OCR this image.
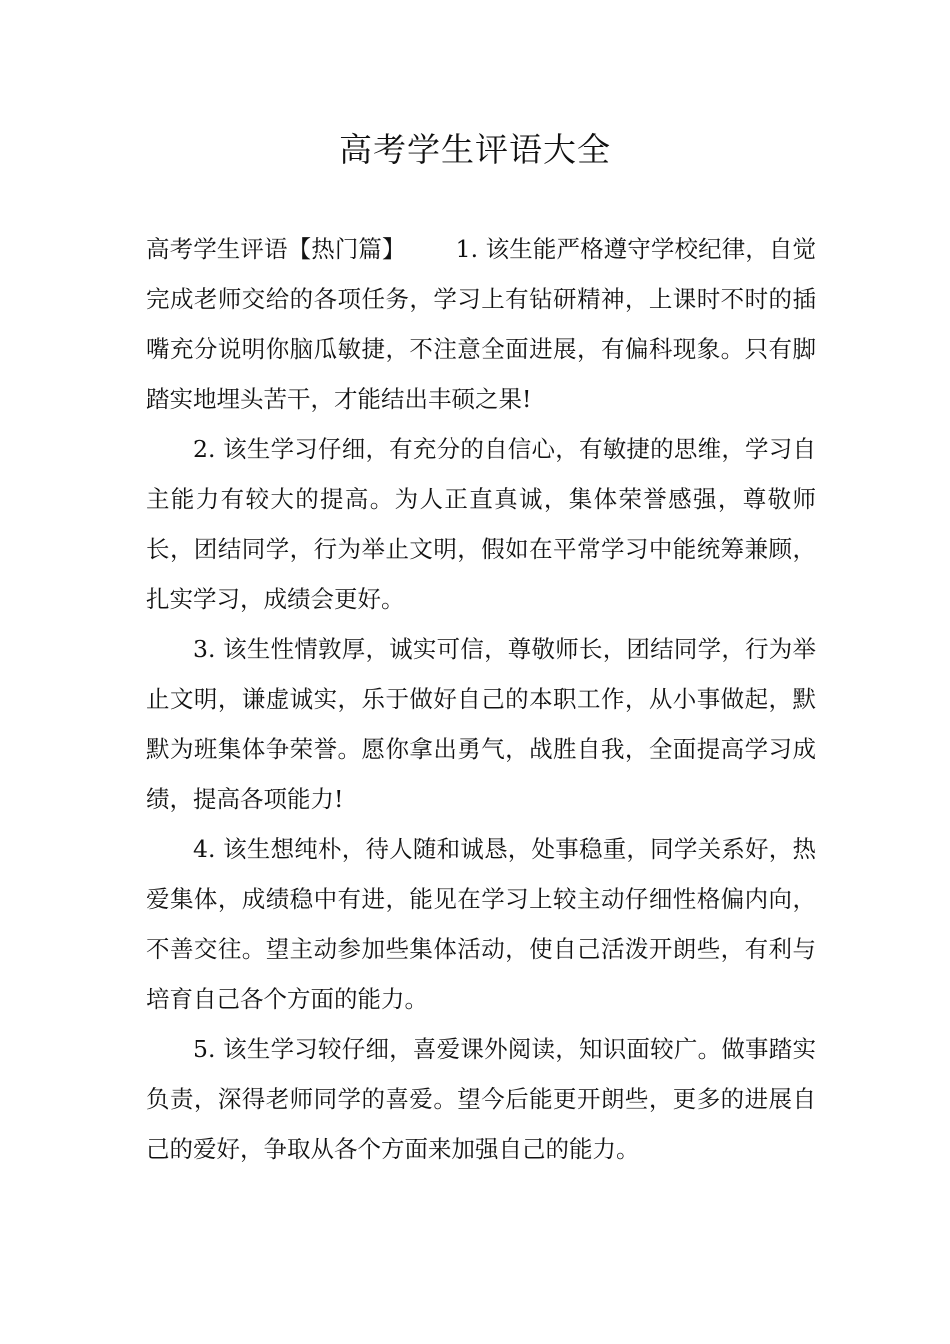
高考学生评语大全

高考学生评语【热门篇】 1. 该生能严格遵守学校纪律，自觉完成老师交给的各项任务，学习上有钻研精神，上课时不时的插嘴充分说明你脑瓜敏捷，不注意全面进展，有偏科现象。只有脚踏实地埋头苦干，才能结出丰硕之果!

2. 该生学习仔细，有充分的自信心，有敏捷的思维，学习自主能力有较大的提高。为人正直真诚，集体荣誉感强，尊敬师长，团结同学，行为举止文明，假如在平常学习中能统筹兼顾，扎实学习，成绩会更好。

3. 该生性情敦厚，诚实可信，尊敬师长，团结同学，行为举止文明，谦虚诚实，乐于做好自己的本职工作，从小事做起，默默为班集体争荣誉。愿你拿出勇气，战胜自我，全面提高学习成绩，提高各项能力!

4. 该生想纯朴，待人随和诚恳，处事稳重，同学关系好，热爱集体，成绩稳中有进，能见在学习上较主动仔细性格偏内向，不善交往。望主动参加些集体活动，使自己活泼开朗些，有利与培育自己各个方面的能力。

5. 该生学习较仔细，喜爱课外阅读，知识面较广。做事踏实负责，深得老师同学的喜爱。望今后能更开朗些，更多的进展自己的爱好，争取从各个方面来加强自己的能力。
